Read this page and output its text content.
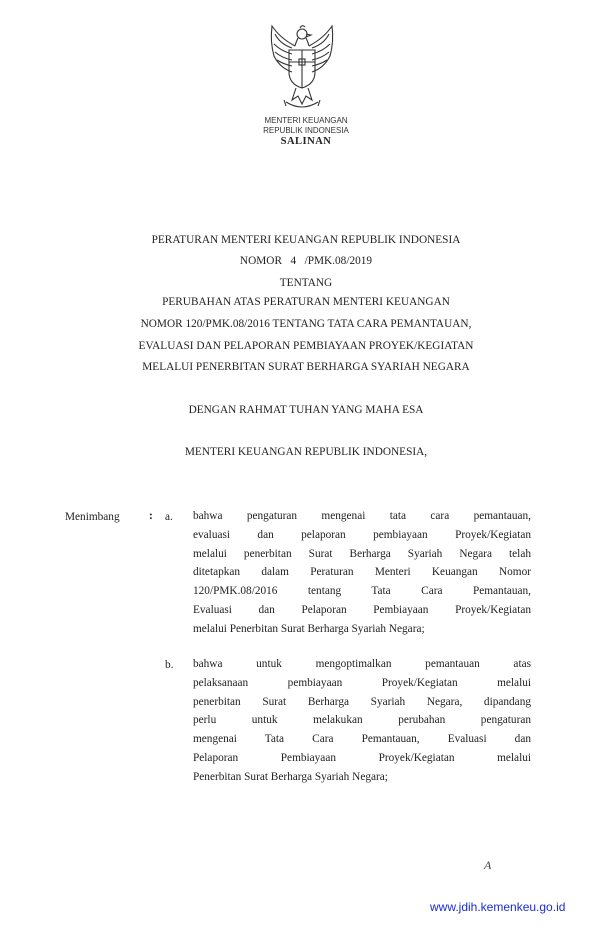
MENTERI KEUANGAN
REPUBLIK INDONESIA
SALINAN
PERATURAN MENTERI KEUANGAN REPUBLIK INDONESIA
NOMOR   4   /PMK.08/2019
TENTANG
PERUBAHAN ATAS PERATURAN MENTERI KEUANGAN
NOMOR 120/PMK.08/2016 TENTANG TATA CARA PEMANTAUAN,
EVALUASI DAN PELAPORAN PEMBIAYAAN PROYEK/KEGIATAN
MELALUI PENERBITAN SURAT BERHARGA SYARIAH NEGARA
DENGAN RAHMAT TUHAN YANG MAHA ESA
MENTERI KEUANGAN REPUBLIK INDONESIA,
Menimbang	: a. bahwa pengaturan mengenai tata cara pemantauan,
evaluasi dan pelaporan pembiayaan Proyek/Kegiatan
melalui penerbitan Surat Berharga Syariah Negara telah
ditetapkan dalam Peraturan Menteri Keuangan Nomor
120/PMK.08/2016 tentang Tata Cara Pemantauan,
Evaluasi dan Pelaporan Pembiayaan Proyek/Kegiatan
melalui Penerbitan Surat Berharga Syariah Negara;
b. bahwa untuk mengoptimalkan pemantauan atas
pelaksanaan pembiayaan Proyek/Kegiatan melalui
penerbitan Surat Berharga Syariah Negara, dipandang
perlu untuk melakukan perubahan pengaturan
mengenai Tata Cara Pemantauan, Evaluasi dan
Pelaporan Pembiayaan Proyek/Kegiatan melalui
Penerbitan Surat Berharga Syariah Negara;
A
www.jdih.kemenkeu.go.id
